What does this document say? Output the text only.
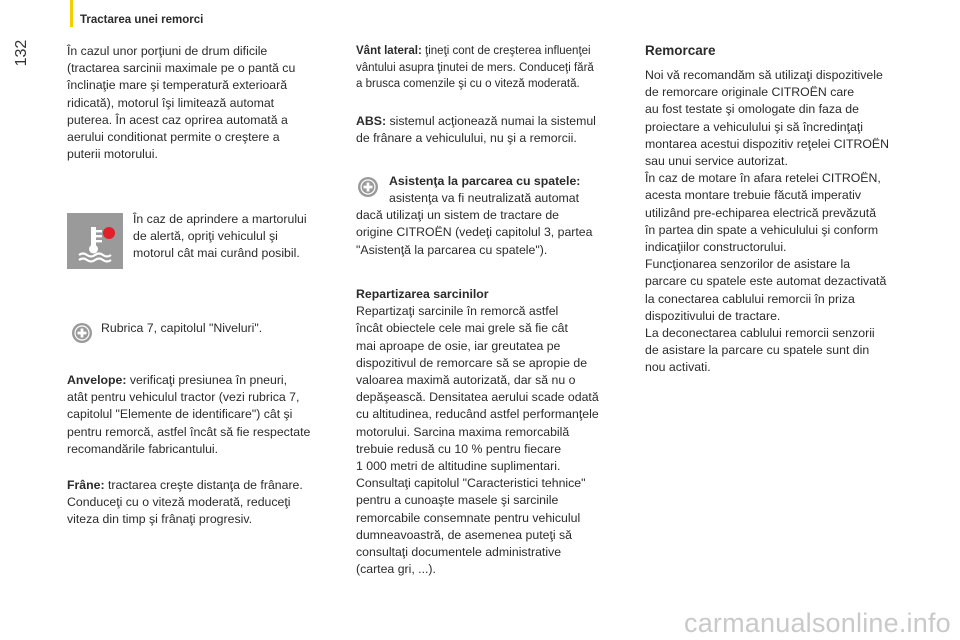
Tractarea unei remorci
132	În cazul unor porţiuni de drum dificile
(tractarea sarcinii maximale pe o pantă cu
înclinaţie mare şi temperatură exterioară
ridicată), motorul îşi limitează automat
puterea. În acest caz oprirea automată a
aerului conditionat permite o creştere a
puterii motorului.
În caz de aprindere a martorului
de alertă, opriţi vehiculul şi
motorul cât mai curând posibil.
Rubrica 7, capitolul "Niveluri".
Anvelope: verificaţi presiunea în pneuri,
atât pentru vehiculul tractor (vezi rubrica 7,
capitolul "Elemente de identificare") cât şi
pentru remorcă, astfel încât să fie respectate
recomandările fabricantului.
Frâne: tractarea creşte distanţa de frânare.
Conduceţi cu o viteză moderată, reduceţi
viteza din timp şi frânaţi progresiv.
Vânt lateral: ţineţi cont de creşterea influenţei
vântului asupra ţinutei de mers. Conduceţi fără
a brusca comenzile şi cu o viteză moderată.
ABS: sistemul acţionează numai la sistemul
de frânare a vehiculului, nu şi a remorcii.
Asistenţa la parcarea cu spatele:
asistenţa va fi neutralizată automat
dacă utilizaţi un sistem de tractare de
origine CITROËN (vedeţi capitolul 3, partea
"Asistenţă la parcarea cu spatele").
Repartizarea sarcinilor
Repartizaţi sarcinile în remorcă astfel
încât obiectele cele mai grele să fie cât
mai aproape de osie, iar greutatea pe
dispozitivul de remorcare să se apropie de
valoarea maximă autorizată, dar să nu o
depăşească. Densitatea aerului scade odată
cu altitudinea, reducând astfel performanţele
motorului. Sarcina maxima remorcabilă
trebuie redusă cu 10 % pentru fiecare
1 000 metri de altitudine suplimentari.
Consultaţi capitolul "Caracteristici tehnice"
pentru a cunoaşte masele şi sarcinile
remorcabile consemnate pentru vehiculul
dumneavoastră, de asemenea puteţi să
consultaţi documentele administrative
(cartea gri, ...).
Remorcare
Noi vă recomandăm să utilizaţi dispozitivele
de remorcare originale CITROËN care
au fost testate şi omologate din faza de
proiectare a vehiculului şi să încredinţaţi
montarea acestui dispozitiv reţelei CITROËN
sau unui service autorizat.
În caz de motare în afara retelei CITROËN,
acesta montare trebuie făcută imperativ
utilizând pre-echiparea electrică prevăzută
în partea din spate a vehiculului şi conform
indicaţiilor constructorului.
Funcţionarea senzorilor de asistare la
parcare cu spatele este automat dezactivată
la conectarea cablului remorcii în priza
dispozitivului de tractare.
La deconectarea cablului remorcii senzorii
de asistare la parcare cu spatele sunt din
nou activati.
carmanualsonline.info
